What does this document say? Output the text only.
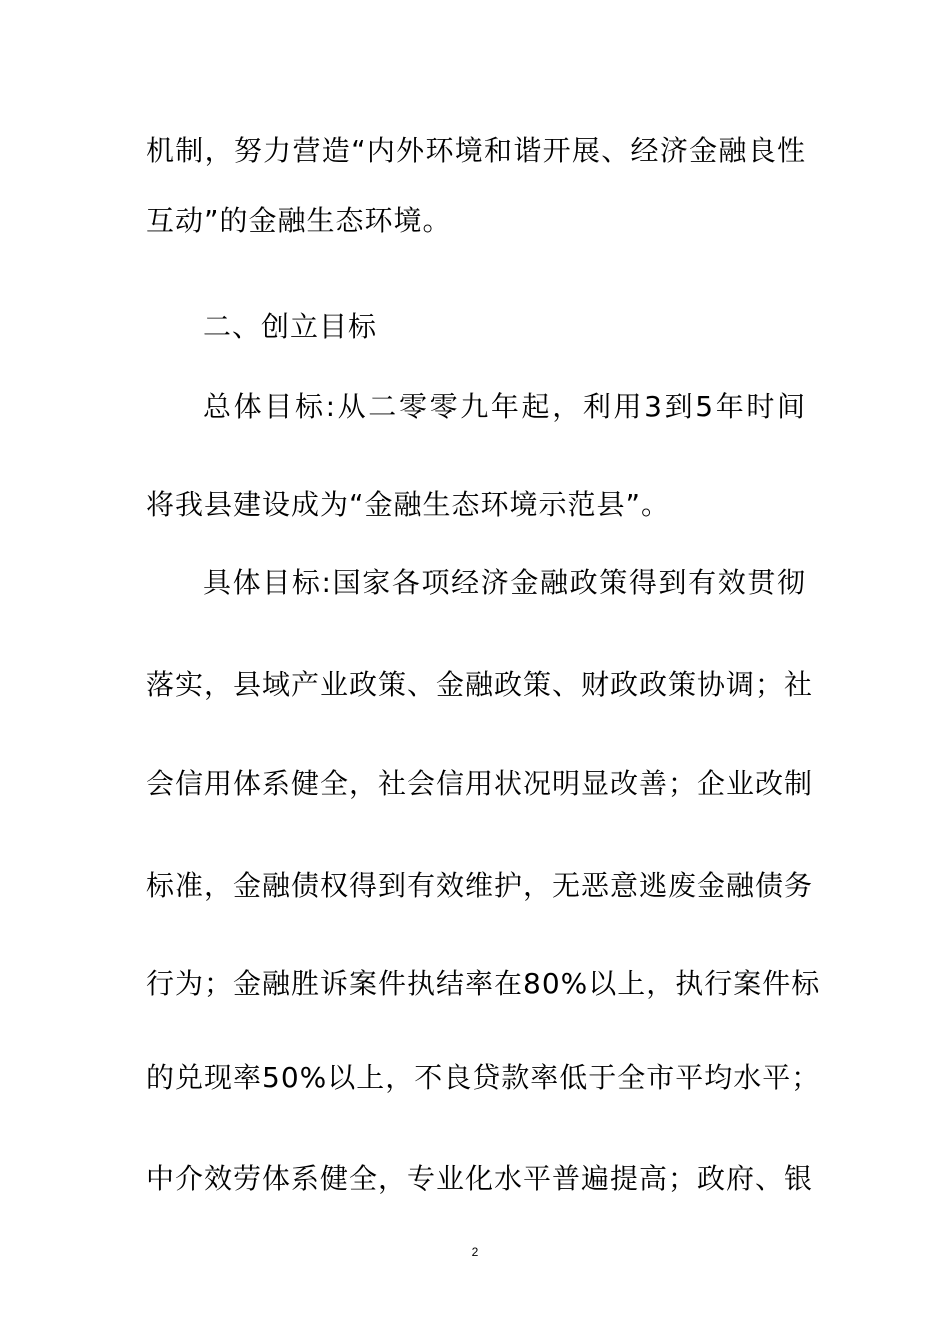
机制，努力营造“内外环境和谐开展、经济金融良性
互动”的金融生态环境。
二、创立目标
总体目标:从二零零九年起，利用3到5年时间
将我县建设成为“金融生态环境示范县”。
具体目标:国家各项经济金融政策得到有效贯彻
落实，县域产业政策、金融政策、财政政策协调；社
会信用体系健全，社会信用状况明显改善；企业改制
标准，金融债权得到有效维护，无恶意逃废金融债务
行为；金融胜诉案件执结率在80%以上，执行案件标
的兑现率50%以上，不良贷款率低于全市平均水平；
中介效劳体系健全，专业化水平普遍提高；政府、银
2
